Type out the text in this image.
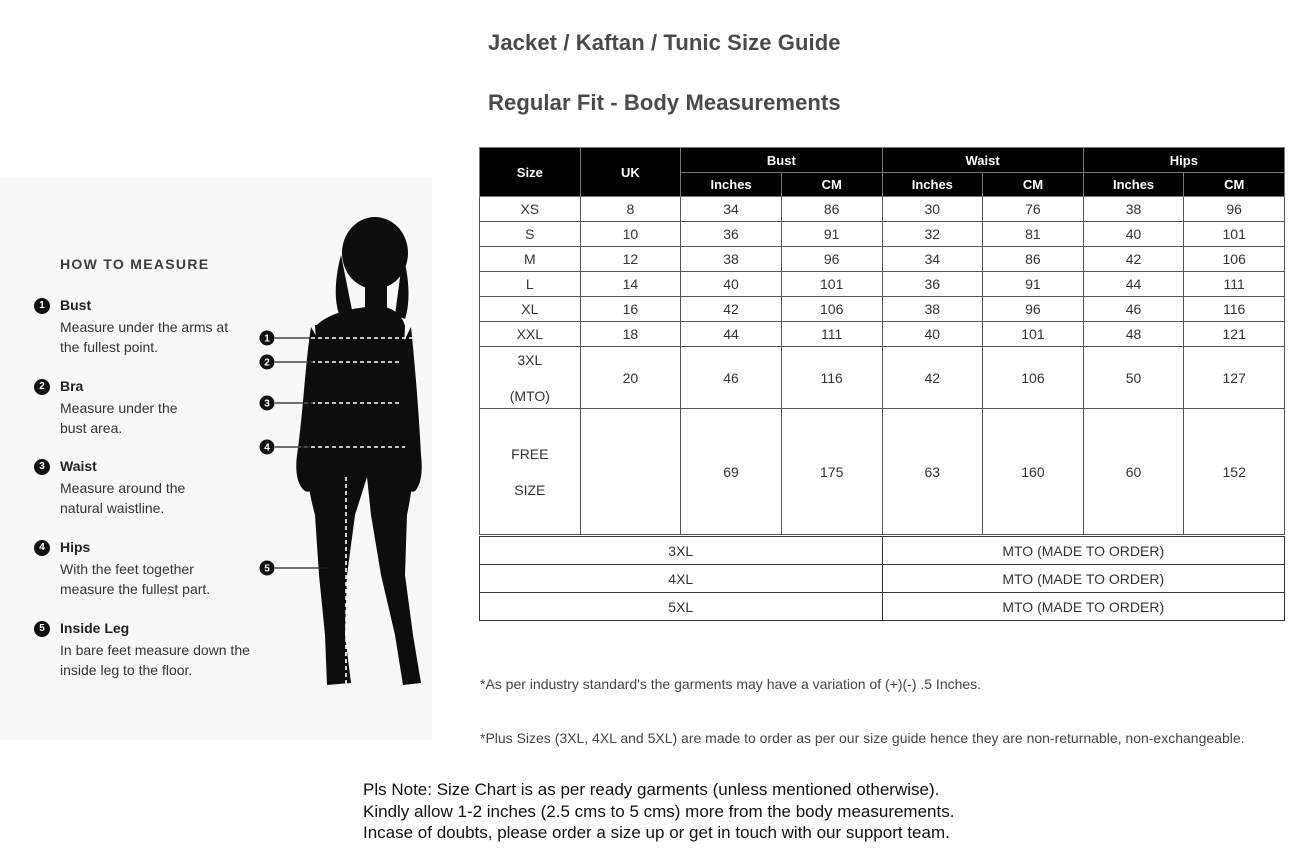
Jacket / Kaftan / Tunic Size Guide
Regular Fit - Body Measurements
HOW TO MEASURE
1	Bust
Measure under the arms at the fullest point.
2	Bra
Measure under the bust area.
3	Waist
Measure around the natural waistline.
4	Hips
With the feet together measure the fullest part.
5	Inside Leg
In bare feet measure down the inside leg to the floor.
1
2
3
4
5
Size	UK	Bust		Waist		Hips	
		Inches	CM	Inches	CM	Inches	CM
XS	8	34	86	30	76	38	96
S	10	36	91	32	81	40	101
M	12	38	96	34	86	42	106
L	14	40	101	36	91	44	111
XL	16	42	106	38	96	46	116
XXL	18	44	111	40	101	48	121

3XL
(MTO)	20	46	116	42	106	50	127

FREE
SIZE		69	175	63	160	60	152
3XL	MTO (MADE TO ORDER)
4XL	MTO (MADE TO ORDER)
5XL	MTO (MADE TO ORDER)
*As per industry standard's the garments may have a variation of (+)(-) .5 Inches.
*Plus Sizes (3XL, 4XL and 5XL) are made to order as per our size guide hence they are non-returnable, non-exchangeable.
Pls Note: Size Chart is as per ready garments (unless mentioned otherwise).
Kindly allow 1-2 inches (2.5 cms to 5 cms) more from the body measurements.
Incase of doubts, please order a size up or get in touch with our support team.
